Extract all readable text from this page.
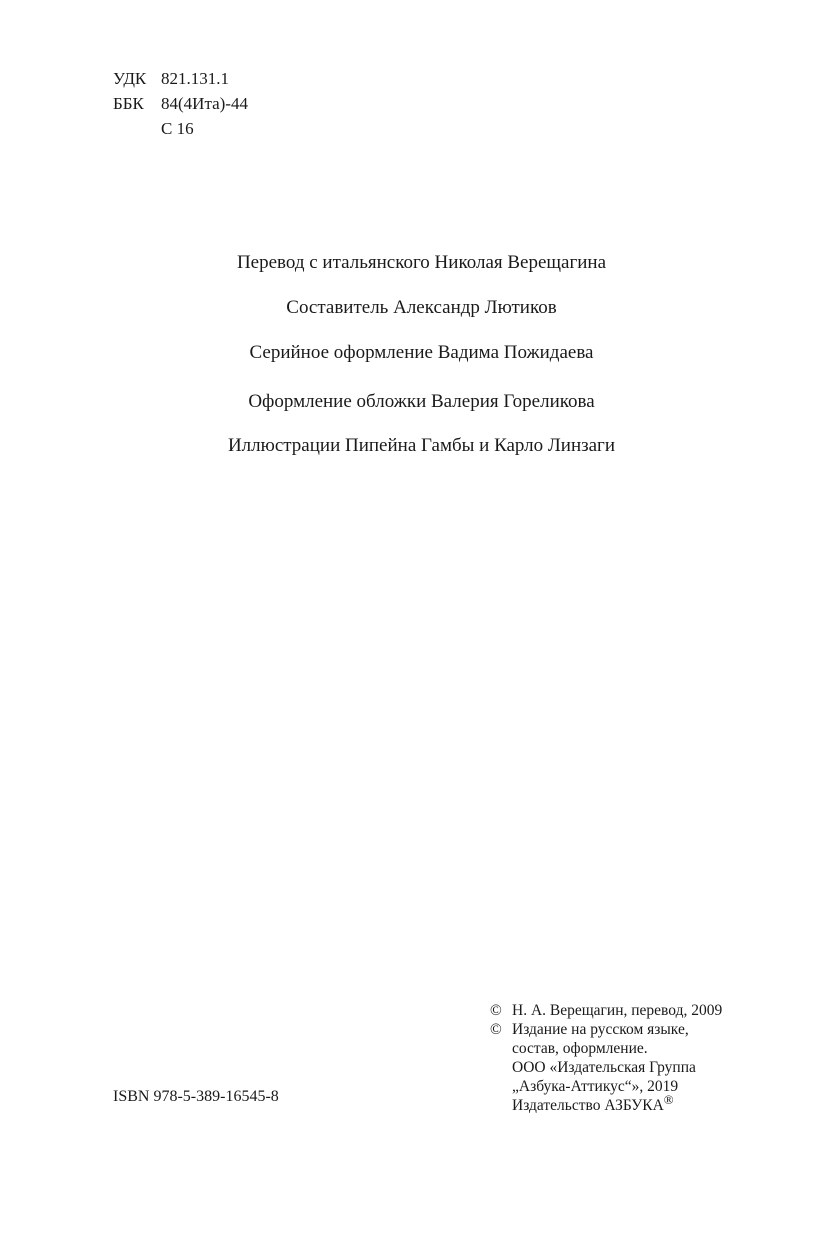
УДК 821.131.1
ББК	84(4Ита)-44
С 16
Перевод с итальянского Николая Верещагина
Составитель Александр Лютиков
Серийное оформление Вадима Пожидаева
Оформление обложки Валерия Гореликова
Иллюстрации Пипейна Гамбы и Карло Линзаги
ISBN 978-5-389-16545-8
© Н. А. Верещагин, перевод, 2009
© Издание на русском языке,
состав, оформление.
ООО «Издательская Группа
„Азбука-Аттикус“», 2019
Издательство АЗБУКА®
